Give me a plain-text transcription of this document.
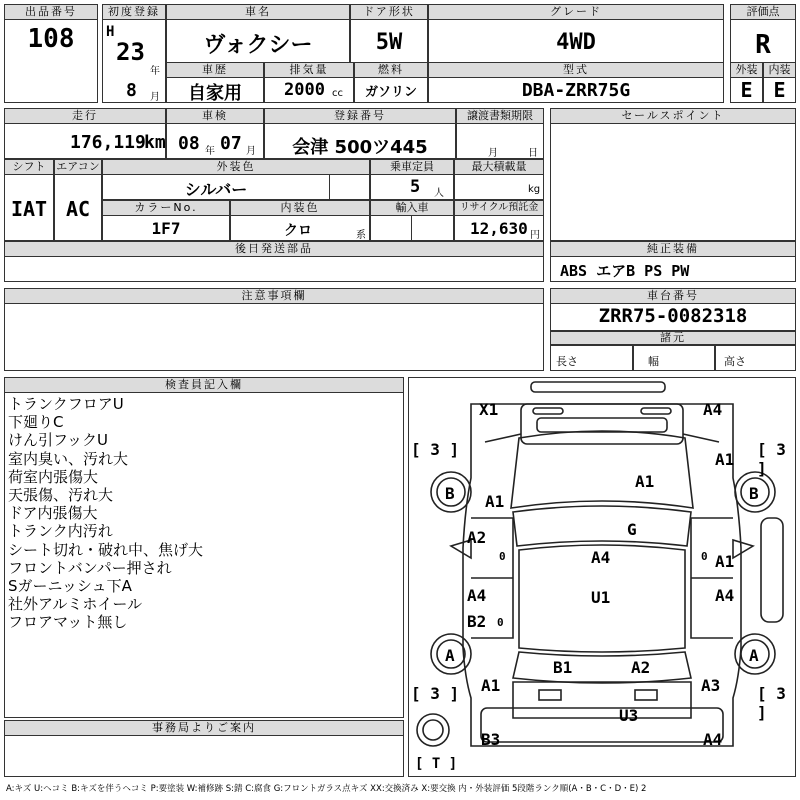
出品番号
108
初度登録
H
23
年
8 月
車名
ヴォクシー
ドア形状
5W
グレード
4WD
評価点
R
車歴
自家用
排気量
2000 cc
燃料
ガソリン
型式
DBA-ZRR75G
外装
E
内装
E
走行
176,119
km
車検
08 年 07 月
登録番号
会津 500ツ445
譲渡書類期限
月	日
セールスポイント
シフト
IAT
エアコン
AC
外装色
シルバー
乗車定員
5 人
最大積載量
kg
カラーNo.
1F7
内装色
クロ	系
輸入車	リサイクル預託金
12,630 円
後日発送部品	純正装備
ABS エアB PS PW
注意事項欄	車台番号
ZRR75-0082318
諸元
長さ	幅	高さ
検査員記入欄
トランクフロアU
下廻りC
けん引フックU
室内臭い、汚れ大
荷室内張傷大
天張傷、汚れ大
ドア内張傷大
トランク内汚れ
シート切れ・破れ中、焦げ大
フロントバンパー押され
Sガーニッシュ下A
社外アルミホイール
フロアマット無し
事務局よりご案内
X1	A4
[ 3 ]	[ 3 ]
A1
B	B
A1
A1
G
A2
0	A1
0
A4
A4	U1	A4
B2 0
A	A
B1	A2
A1	A3
[ 3 ]	[ 3 ]
U3
B3	A4
[ T ]
A:キズ U:ヘコミ B:キズを伴うヘコミ P:要塗装 W:補修跡 S:錆 C:腐食 G:フロントガラス点キズ XX:交換済み X:要交換 内・外装評価 5段階ランク順(A・B・C・D・E) 2
